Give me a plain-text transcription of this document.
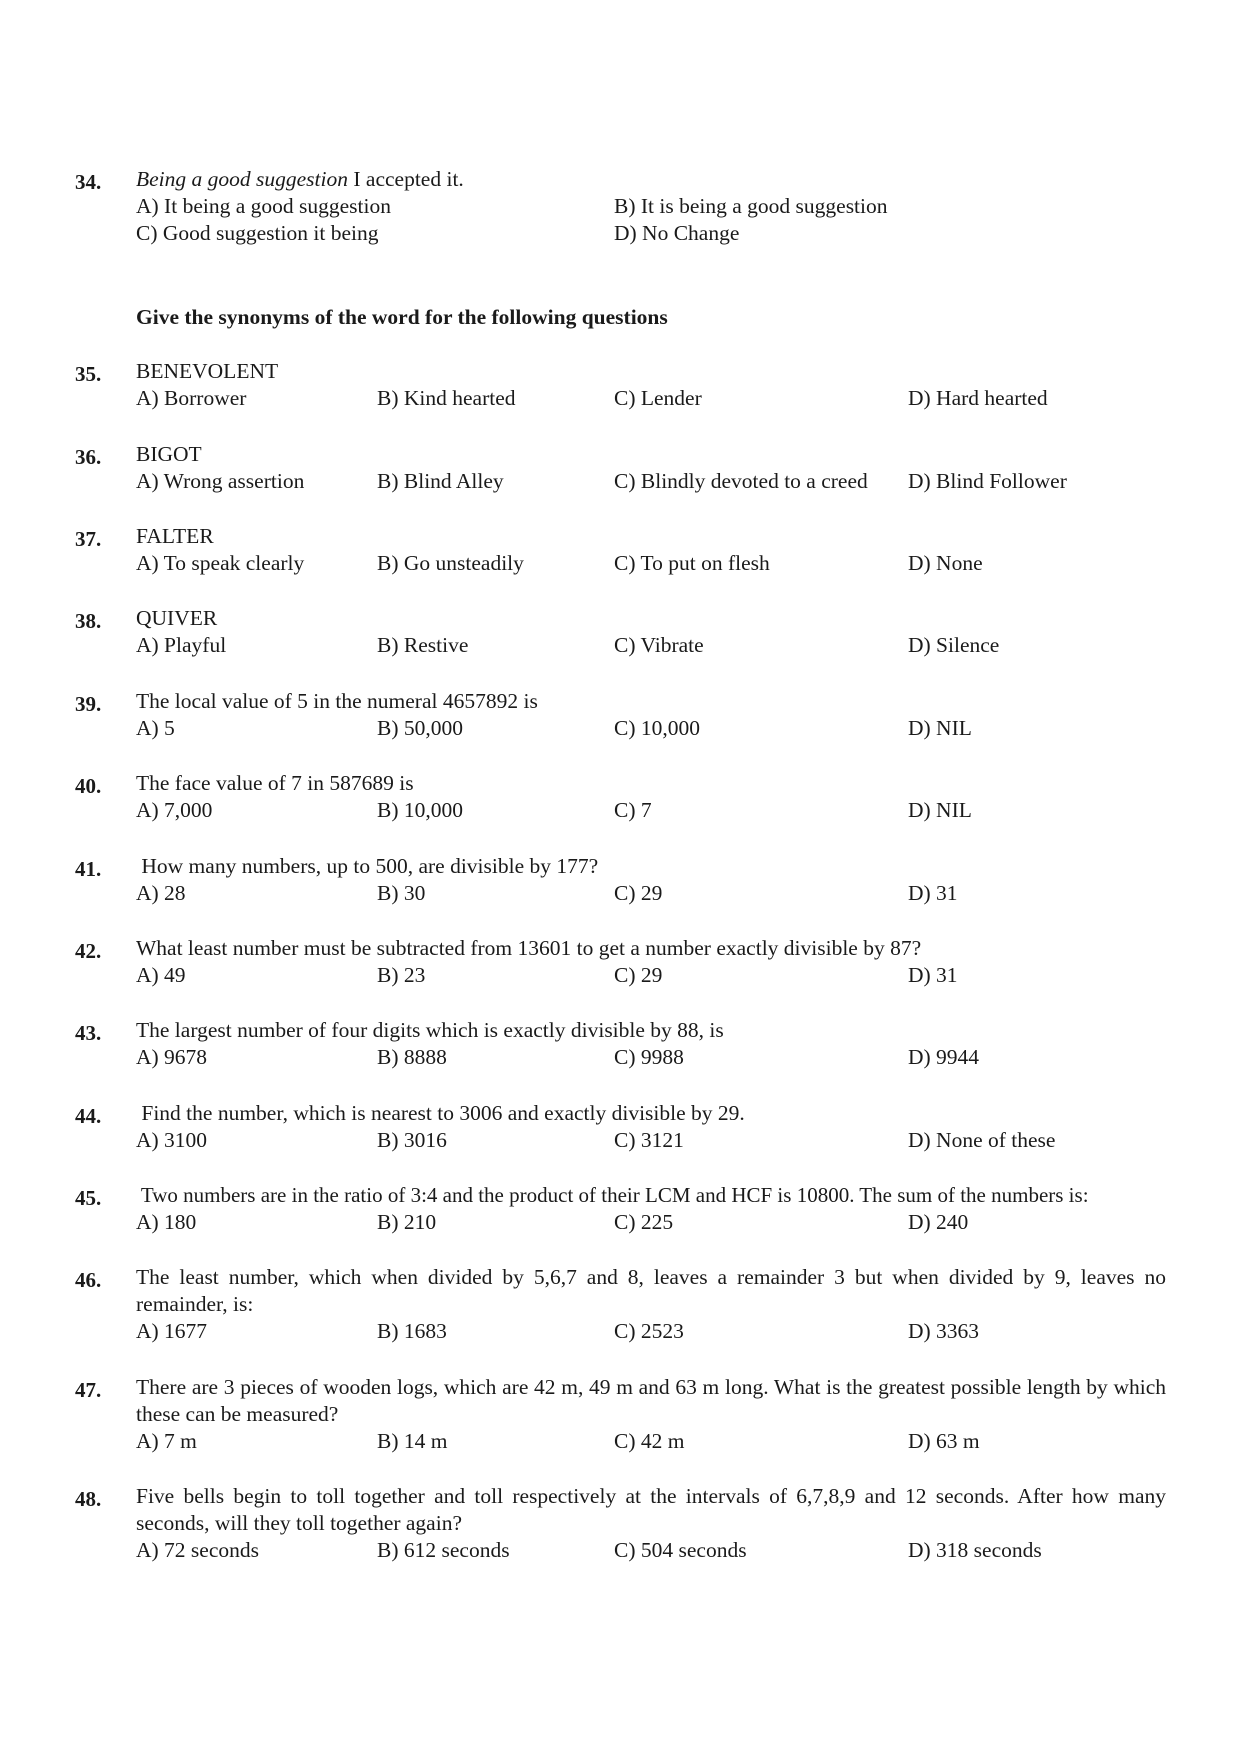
34. Being a good suggestion I accepted it.
A) It being a good suggestion	B) It is being a good suggestion
C) Good suggestion it being	D) No Change
Give the synonyms of the word for the following questions
35. BENEVOLENT
A) Borrower	B) Kind hearted	C) Lender	D) Hard hearted
36. BIGOT
A) Wrong assertion	B) Blind Alley	C) Blindly devoted to a creed D) Blind Follower
37. FALTER
A) To speak clearly	B) Go unsteadily	C) To put on flesh	D) None
38. QUIVER
A) Playful	B) Restive	C) Vibrate	D) Silence
39. The local value of 5 in the numeral 4657892 is
A) 5	B) 50,000	C) 10,000	D) NIL
40. The face value of 7 in 587689 is
A) 7,000	B) 10,000	C) 7	D) NIL
41. How many numbers, up to 500, are divisible by 177?
A) 28	B) 30	C) 29	D) 31
42. What least number must be subtracted from 13601 to get a number exactly divisible by 87?
A) 49	B) 23	C) 29	D) 31
43. The largest number of four digits which is exactly divisible by 88, is
A) 9678	B) 8888	C) 9988	D) 9944
44. Find the number, which is nearest to 3006 and exactly divisible by 29.
A) 3100	B) 3016	C) 3121	D) None of these
45. Two numbers are in the ratio of 3:4 and the product of their LCM and HCF is 10800. The sum of the numbers is:
A) 180	B) 210	C) 225	D) 240
46. The least number, which when divided by 5,6,7 and 8, leaves a remainder 3 but when divided by 9, leaves no remainder, is:
A) 1677	B) 1683	C) 2523	D) 3363
47. There are 3 pieces of wooden logs, which are 42 m, 49 m and 63 m long. What is the greatest possible length by which these can be measured?
A) 7 m	B) 14 m	C) 42 m	D) 63 m
48. Five bells begin to toll together and toll respectively at the intervals of 6,7,8,9 and 12 seconds. After how many seconds, will they toll together again?
A) 72 seconds	B) 612 seconds	C) 504 seconds	D) 318 seconds
